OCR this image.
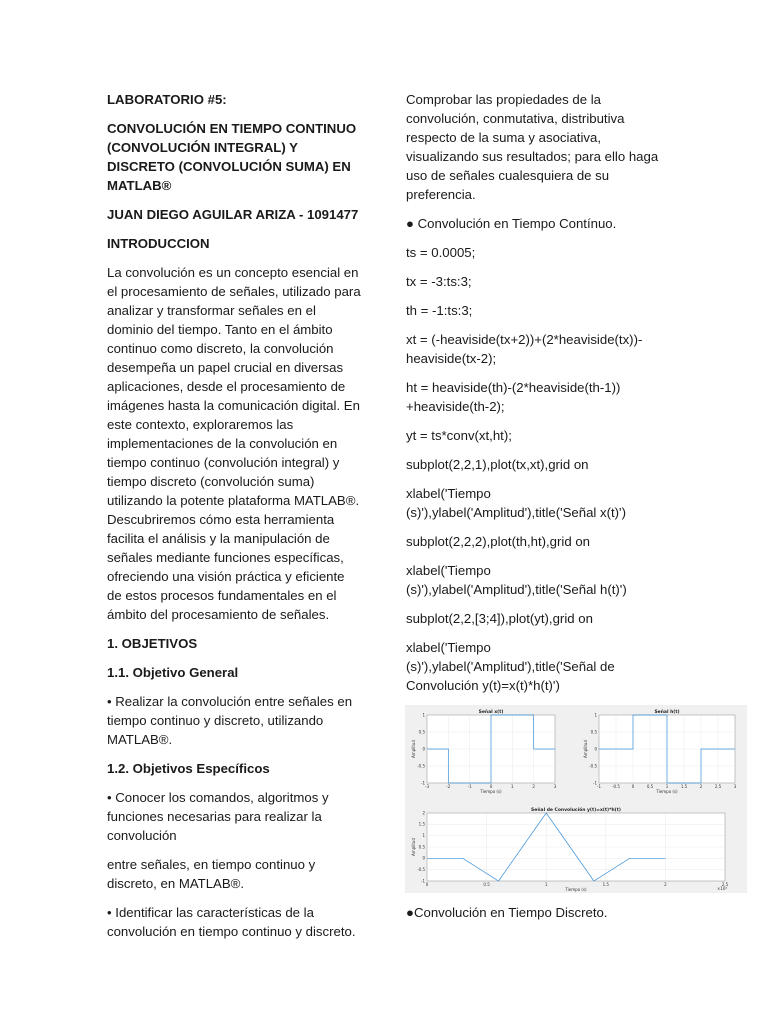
LABORATORIO #5:

CONVOLUCIÓN EN TIEMPO CONTINUO (CONVOLUCIÓN INTEGRAL) Y DISCRETO (CONVOLUCIÓN SUMA) EN MATLAB®

JUAN DIEGO AGUILAR ARIZA - 1091477

INTRODUCCION

La convolución es un concepto esencial en el procesamiento de señales, utilizado para analizar y transformar señales en el dominio del tiempo. Tanto en el ámbito continuo como discreto, la convolución desempeña un papel crucial en diversas aplicaciones, desde el procesamiento de imágenes hasta la comunicación digital. En este contexto, exploraremos las implementaciones de la convolución en tiempo continuo (convolución integral) y tiempo discreto (convolución suma) utilizando la potente plataforma MATLAB®. Descubriremos cómo esta herramienta facilita el análisis y la manipulación de señales mediante funciones específicas, ofreciendo una visión práctica y eficiente de estos procesos fundamentales en el ámbito del procesamiento de señales.

1. OBJETIVOS

1.1. Objetivo General

• Realizar la convolución entre señales en tiempo continuo y discreto, utilizando MATLAB®.

1.2. Objetivos Específicos

• Conocer los comandos, algoritmos y funciones necesarias para realizar la convolución

entre señales, en tiempo continuo y discreto, en MATLAB®.

• Identificar las características de la convolución en tiempo continuo y discreto.

Comprobar las propiedades de la convolución, conmutativa, distributiva respecto de la suma y asociativa, visualizando sus resultados; para ello haga uso de señales cualesquiera de su preferencia.

● Convolución en Tiempo Contínuo.

ts = 0.0005;

tx = -3:ts:3;

th = -1:ts:3;

xt = (-heaviside(tx+2))+(2*heaviside(tx))-heaviside(tx-2);

ht = heaviside(th)-(2*heaviside(th-1)) +heaviside(th-2);

yt = ts*conv(xt,ht);

subplot(2,2,1),plot(tx,xt),grid on

xlabel('Tiempo (s)'),ylabel('Amplitud'),title('Señal x(t)')

subplot(2,2,2),plot(th,ht),grid on

xlabel('Tiempo (s)'),ylabel('Amplitud'),title('Señal h(t)')

subplot(2,2,[3;4]),plot(yt),grid on

xlabel('Tiempo (s)'),ylabel('Amplitud'),title('Señal de Convolución y(t)=x(t)*h(t)')

-3	-2	-1	0	1	2	3
-1
-0.5
0
0.5
1	Señal x(t)
Tiempo (s)
Amplitud
-1	-0.5	0	0.5	1	1.5	2	2.5	3
-1
-0.5
0
0.5
1	Señal h(t)
Tiempo (s)
Amplitud
0	0.5	1	1.5	2	2.5
-1
-0.5
0
0.5
1
1.5
2	Señal de Convolución y(t)=x(t)*h(t)
Tiempo (s)
Amplitud
×10⁴

●Convolución en Tiempo Discreto.
